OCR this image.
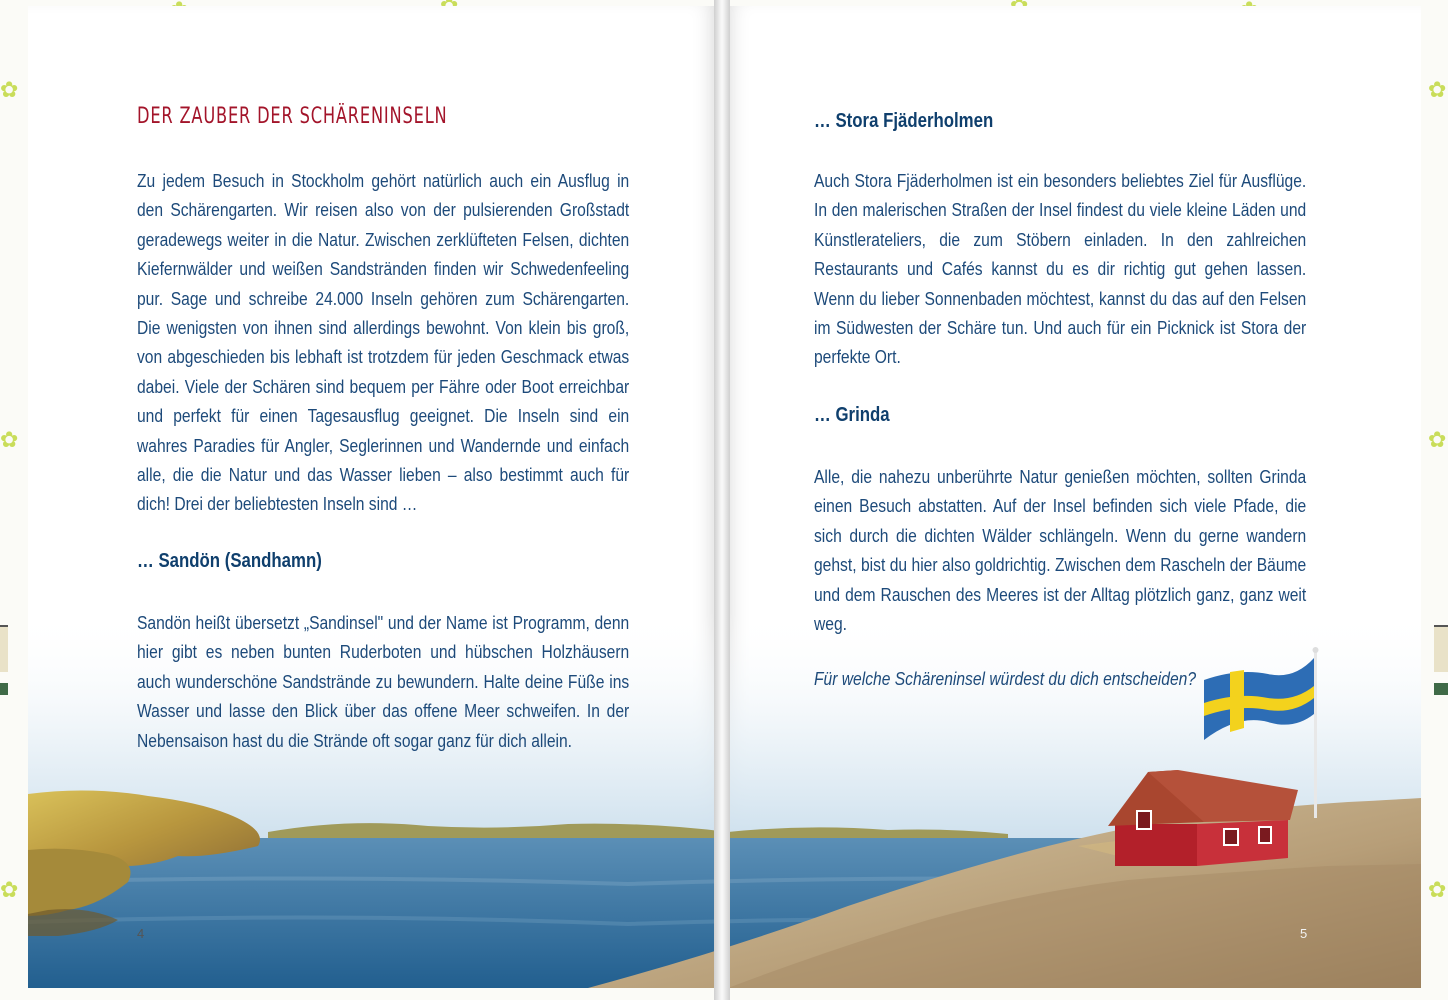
✿
✿
✿
✿
✿
✿
DER ZAUBER DER SCHÄRENINSELN
Zu jedem Besuch in Stockholm gehört natürlich auch ein Ausflug in den Schärengarten. Wir reisen also von der pulsierenden Großstadt geradewegs weiter in die Natur. Zwischen zerklüfteten Felsen, dichten Kiefernwälder und weißen Sandstränden finden wir Schwedenfeeling pur. Sage und schreibe 24.000 Inseln gehören zum Schärengarten. Die wenigsten von ihnen sind allerdings bewohnt. Von klein bis groß, von abgeschieden bis lebhaft ist trotzdem für jeden Geschmack etwas dabei. Viele der Schären sind bequem per Fähre oder Boot erreichbar und perfekt für einen Tagesausflug geeignet. Die Inseln sind ein wahres Paradies für Angler, Seglerinnen und Wandernde und einfach alle, die die Natur und das Wasser lieben – also bestimmt auch für dich! Drei der beliebtesten Inseln sind …
… Sandön (Sandhamn)
Sandön heißt übersetzt „Sandinsel" und der Name ist Programm, denn hier gibt es neben bunten Ruderboten und hübschen Holzhäusern auch wunderschöne Sandstrände zu bewundern. Halte deine Füße ins Wasser und lasse den Blick über das offene Meer schweifen. In der Nebensaison hast du die Strände oft sogar ganz für dich allein.
4
… Stora Fjäderholmen
Auch Stora Fjäderholmen ist ein besonders beliebtes Ziel für Ausflüge. In den malerischen Straßen der Insel findest du viele kleine Läden und Künstlerateliers, die zum Stöbern einladen. In den zahlreichen Restaurants und Cafés kannst du es dir richtig gut gehen lassen. Wenn du lieber Sonnenbaden möchtest, kannst du das auf den Felsen im Südwesten der Schäre tun. Und auch für ein Picknick ist Stora der perfekte Ort.
… Grinda
Alle, die nahezu unberührte Natur genießen möchten, sollten Grinda einen Besuch abstatten. Auf der Insel befinden sich viele Pfade, die sich durch die dichten Wälder schlängeln. Wenn du gerne wandern gehst, bist du hier also goldrichtig. Zwischen dem Rascheln der Bäume und dem Rauschen des Meeres ist der Alltag plötzlich ganz, ganz weit weg.
Für welche Schäreninsel würdest du dich entscheiden?
5
